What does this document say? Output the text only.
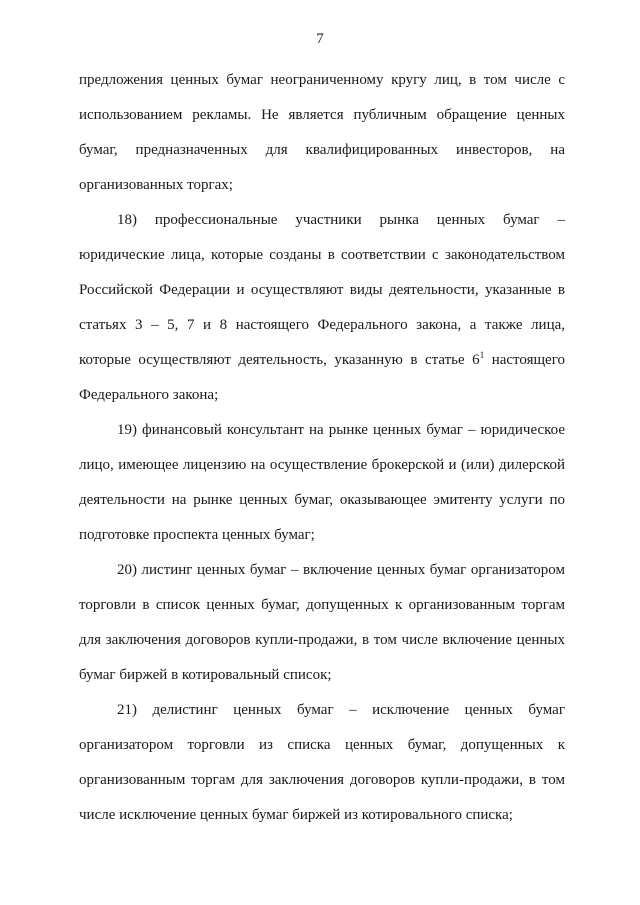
7
предложения ценных бумаг неограниченному кругу лиц, в том числе с
использованием рекламы. Не является публичным обращение ценных
бумаг, предназначенных для квалифицированных инвесторов, на
организованных торгах;
18) профессиональные участники рынка ценных бумаг –
юридические лица, которые созданы в соответствии с законодательством
Российской Федерации и осуществляют виды деятельности, указанные в
статьях 3 – 5, 7 и 8 настоящего Федерального закона, а также лица,
которые осуществляют деятельность, указанную в статье $6^1$ настоящего
Федерального закона;
19) финансовый консультант на рынке ценных бумаг – юридическое
лицо, имеющее лицензию на осуществление брокерской и (или) дилерской
деятельности на рынке ценных бумаг, оказывающее эмитенту услуги по
подготовке проспекта ценных бумаг;
20) листинг ценных бумаг – включение ценных бумаг организатором
торговли в список ценных бумаг, допущенных к организованным торгам
для заключения договоров купли-продажи, в том числе включение ценных
бумаг биржей в котировальный список;
21) делистинг ценных бумаг – исключение ценных бумаг
организатором торговли из списка ценных бумаг, допущенных к
организованным торгам для заключения договоров купли-продажи, в том
числе исключение ценных бумаг биржей из котировального списка;
